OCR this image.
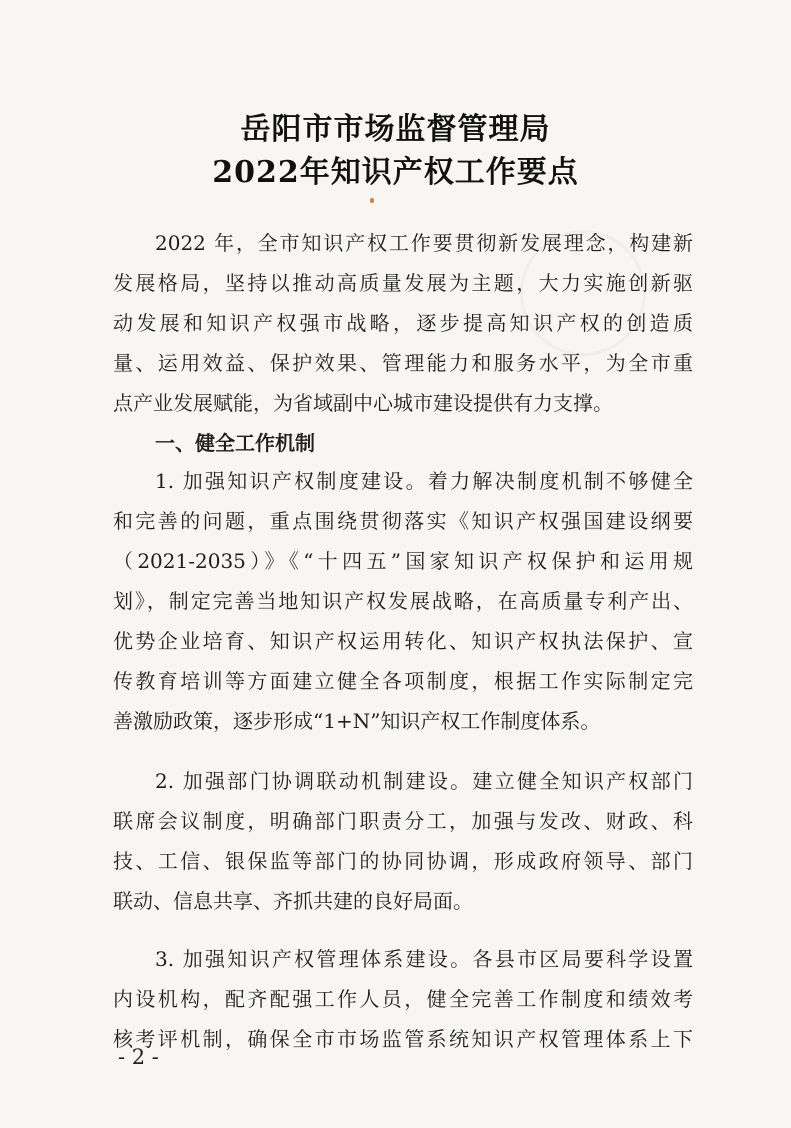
岳阳市市场监督管理局
2022年知识产权工作要点
2022 年，全市知识产权工作要贯彻新发展理念，构建新
发展格局，坚持以推动高质量发展为主题，大力实施创新驱
动发展和知识产权强市战略，逐步提高知识产权的创造质
量、运用效益、保护效果、管理能力和服务水平，为全市重
点产业发展赋能，为省域副中心城市建设提供有力支撑。
一、健全工作机制
1. 加强知识产权制度建设。着力解决制度机制不够健全
和完善的问题，重点围绕贯彻落实《知识产权强国建设纲要
（2021-2035）》《“十四五”国家知识产权保护和运用规
划》，制定完善当地知识产权发展战略，在高质量专利产出、
优势企业培育、知识产权运用转化、知识产权执法保护、宣
传教育培训等方面建立健全各项制度，根据工作实际制定完
善激励政策，逐步形成“1+N”知识产权工作制度体系。
2. 加强部门协调联动机制建设。建立健全知识产权部门
联席会议制度，明确部门职责分工，加强与发改、财政、科
技、工信、银保监等部门的协同协调，形成政府领导、部门
联动、信息共享、齐抓共建的良好局面。
3. 加强知识产权管理体系建设。各县市区局要科学设置
内设机构，配齐配强工作人员，健全完善工作制度和绩效考
核考评机制，确保全市市场监管系统知识产权管理体系上下
- 2 -
